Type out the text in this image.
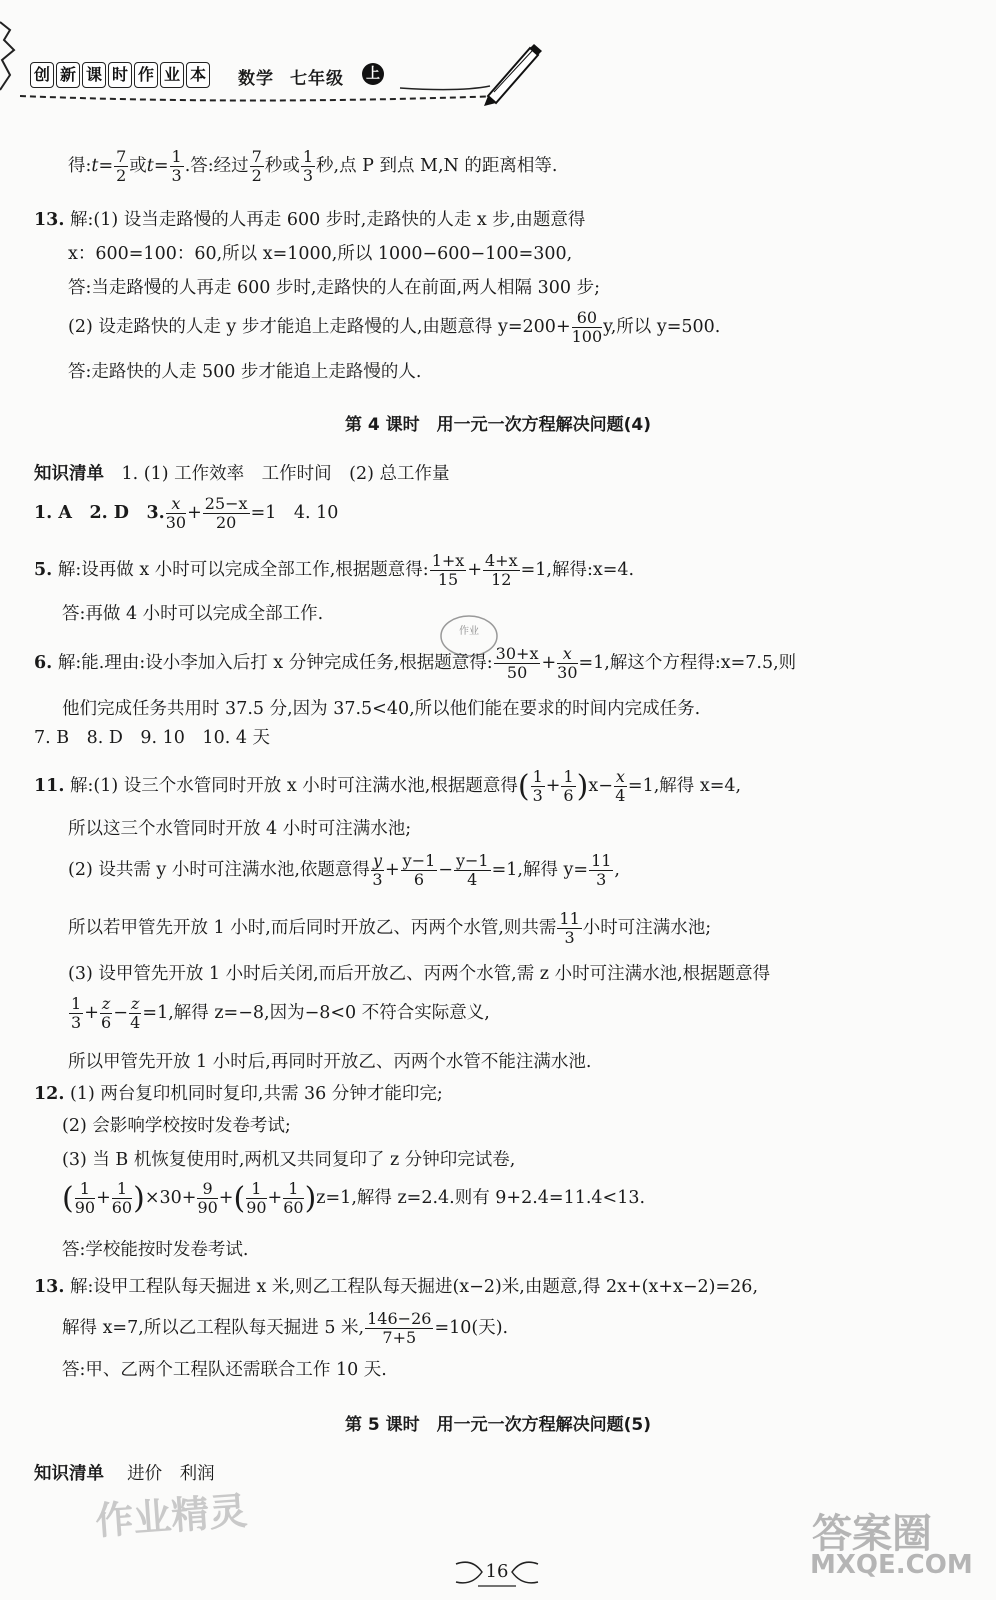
创 新 课 时 作 业 本 数学 七年级 上
得:t= $\frac{7}{2}$ 或$t= \frac{1}{3}$ .答:经过 $\frac{7}{2}$ 秒或 $\frac{1}{3}$ 秒,点 P 到点 M,N 的距离相等.
13. 解:(1) 设当走路慢的人再走 600 步时,走路快的人走 x 步,由题意得
x：600=100：60,所以 x=1000,所以 1000−600−100=300,
答:当走路慢的人再走 600 步时,走路快的人在前面,两人相隔 300 步;
(2) 设走路快的人走 y 步才能追上走路慢的人,由题意得 $y=200+ \frac{60}{100} y$,所以 y=500.
答:走路快的人走 500 步才能追上走路慢的人.
第 4 课时　用一元一次方程解决问题(4)
知识清单　 1. (1) 工作效率　工作时间　(2) 总工作量
1. A　2. D　3. $\frac{x}{30} + \frac{25-x}{20} =1$　4. 10
5. 解:设再做 x 小时可以完成全部工作,根据题意得: $\frac{1+x}{15} + \frac{4+x}{12} =1$,解得:x=4.
答:再做 4 小时可以完成全部工作.
作业
6. 解:能.理由:设小李加入后打 x 分钟完成任务,根据题意得: $\frac{30+x}{50} + \frac{x}{30} =1$,解这个方程得:x=7.5,则
他们完成任务共用时 37.5 分,因为 37.5<40,所以他们能在要求的时间内完成任务.
7. B　8. D　9. 10　10. 4 天
11. 解:(1) 设三个水管同时开放 x 小时可注满水池,根据题意得( $\frac{1}{3} + \frac{1}{6} )x- \frac{x}{4} =1$,解得 x=4,
所以这三个水管同时开放 4 小时可注满水池;
(2) 设共需 y 小时可注满水池,依题意得 $\frac{y}{3} + \frac{y-1}{6} - \frac{y-1}{4} =1$,解得 $y= \frac{11}{3}$ ,
所以若甲管先开放 1 小时,而后同时开放乙、丙两个水管,则共需 $\frac{11}{3}$ 小时可注满水池;
(3) 设甲管先开放 1 小时后关闭,而后开放乙、丙两个水管,需 z 小时可注满水池,根据题意得
$\frac{1}{3} + \frac{z}{6} - \frac{z}{4} =1$,解得 z=−8,因为−8<0 不符合实际意义,
所以甲管先开放 1 小时后,再同时开放乙、丙两个水管不能注满水池.
12. (1) 两台复印机同时复印,共需 36 分钟才能印完;
(2) 会影响学校按时发卷考试;
(3) 当 B 机恢复使用时,两机又共同复印了 z 分钟印完试卷,
( $\frac{1}{90} + \frac{1}{60} )\times 30+ \frac{9}{90}$ +( $\frac{1}{90} + \frac{1}{60} )z=1$,解得 z=2.4.则有 9+2.4=11.4<13.
答:学校能按时发卷考试.
13. 解:设甲工程队每天掘进 x 米,则乙工程队每天掘进(x−2)米,由题意,得 2x+(x+x−2)=26,
解得 x=7,所以乙工程队每天掘进 5 米, $\frac{146-26}{7+5} =10$(天).
答:甲、乙两个工程队还需联合工作 10 天.
第 5 课时　用一元一次方程解决问题(5)
知识清单　 进价　利润
作业精灵	答案圈
MXQE.COM
16
